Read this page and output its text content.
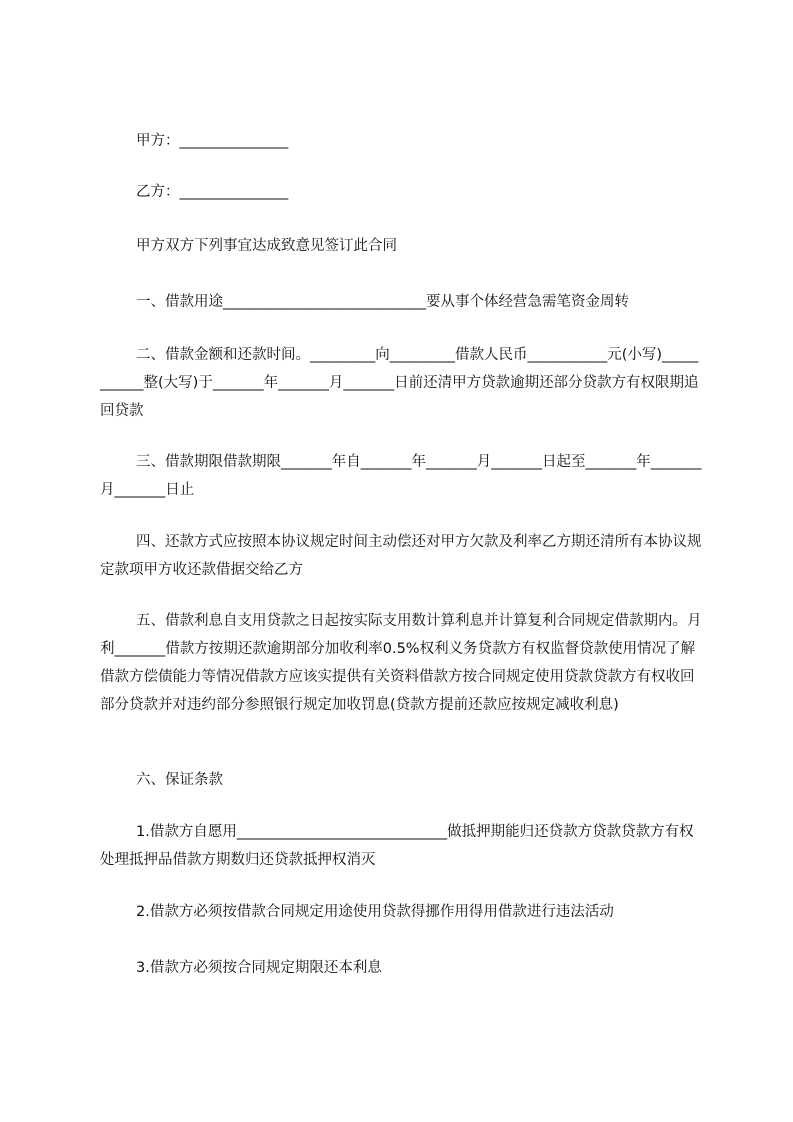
甲方：_______________

乙方：_______________

甲方双方下列事宜达成致意见签订此合同

一、借款用途____________________________要从事个体经营急需笔资金周转

二、借款金额和还款时间。_________向_________借款人民币___________元(小写)___________整(大写)于_______年_______月_______日前还清甲方贷款逾期还部分贷款方有权限期追回贷款

三、借款期限借款期限_______年自_______年_______月_______日起至_______年_______月_______日止

四、还款方式应按照本协议规定时间主动偿还对甲方欠款及利率乙方期还清所有本协议规定款项甲方收还款借据交给乙方

五、借款利息自支用贷款之日起按实际支用数计算利息并计算复利合同规定借款期内。月利_______借款方按期还款逾期部分加收利率0.5%权利义务贷款方有权监督贷款使用情况了解借款方偿债能力等情况借款方应该实提供有关资料借款方按合同规定使用贷款贷款方有权收回部分贷款并对违约部分参照银行规定加收罚息(贷款方提前还款应按规定减收利息)

六、保证条款

1.借款方自愿用_____________________________做抵押期能归还贷款方贷款贷款方有权处理抵押品借款方期数归还贷款抵押权消灭

2.借款方必须按借款合同规定用途使用贷款得挪作用得用借款进行违法活动

3.借款方必须按合同规定期限还本利息
